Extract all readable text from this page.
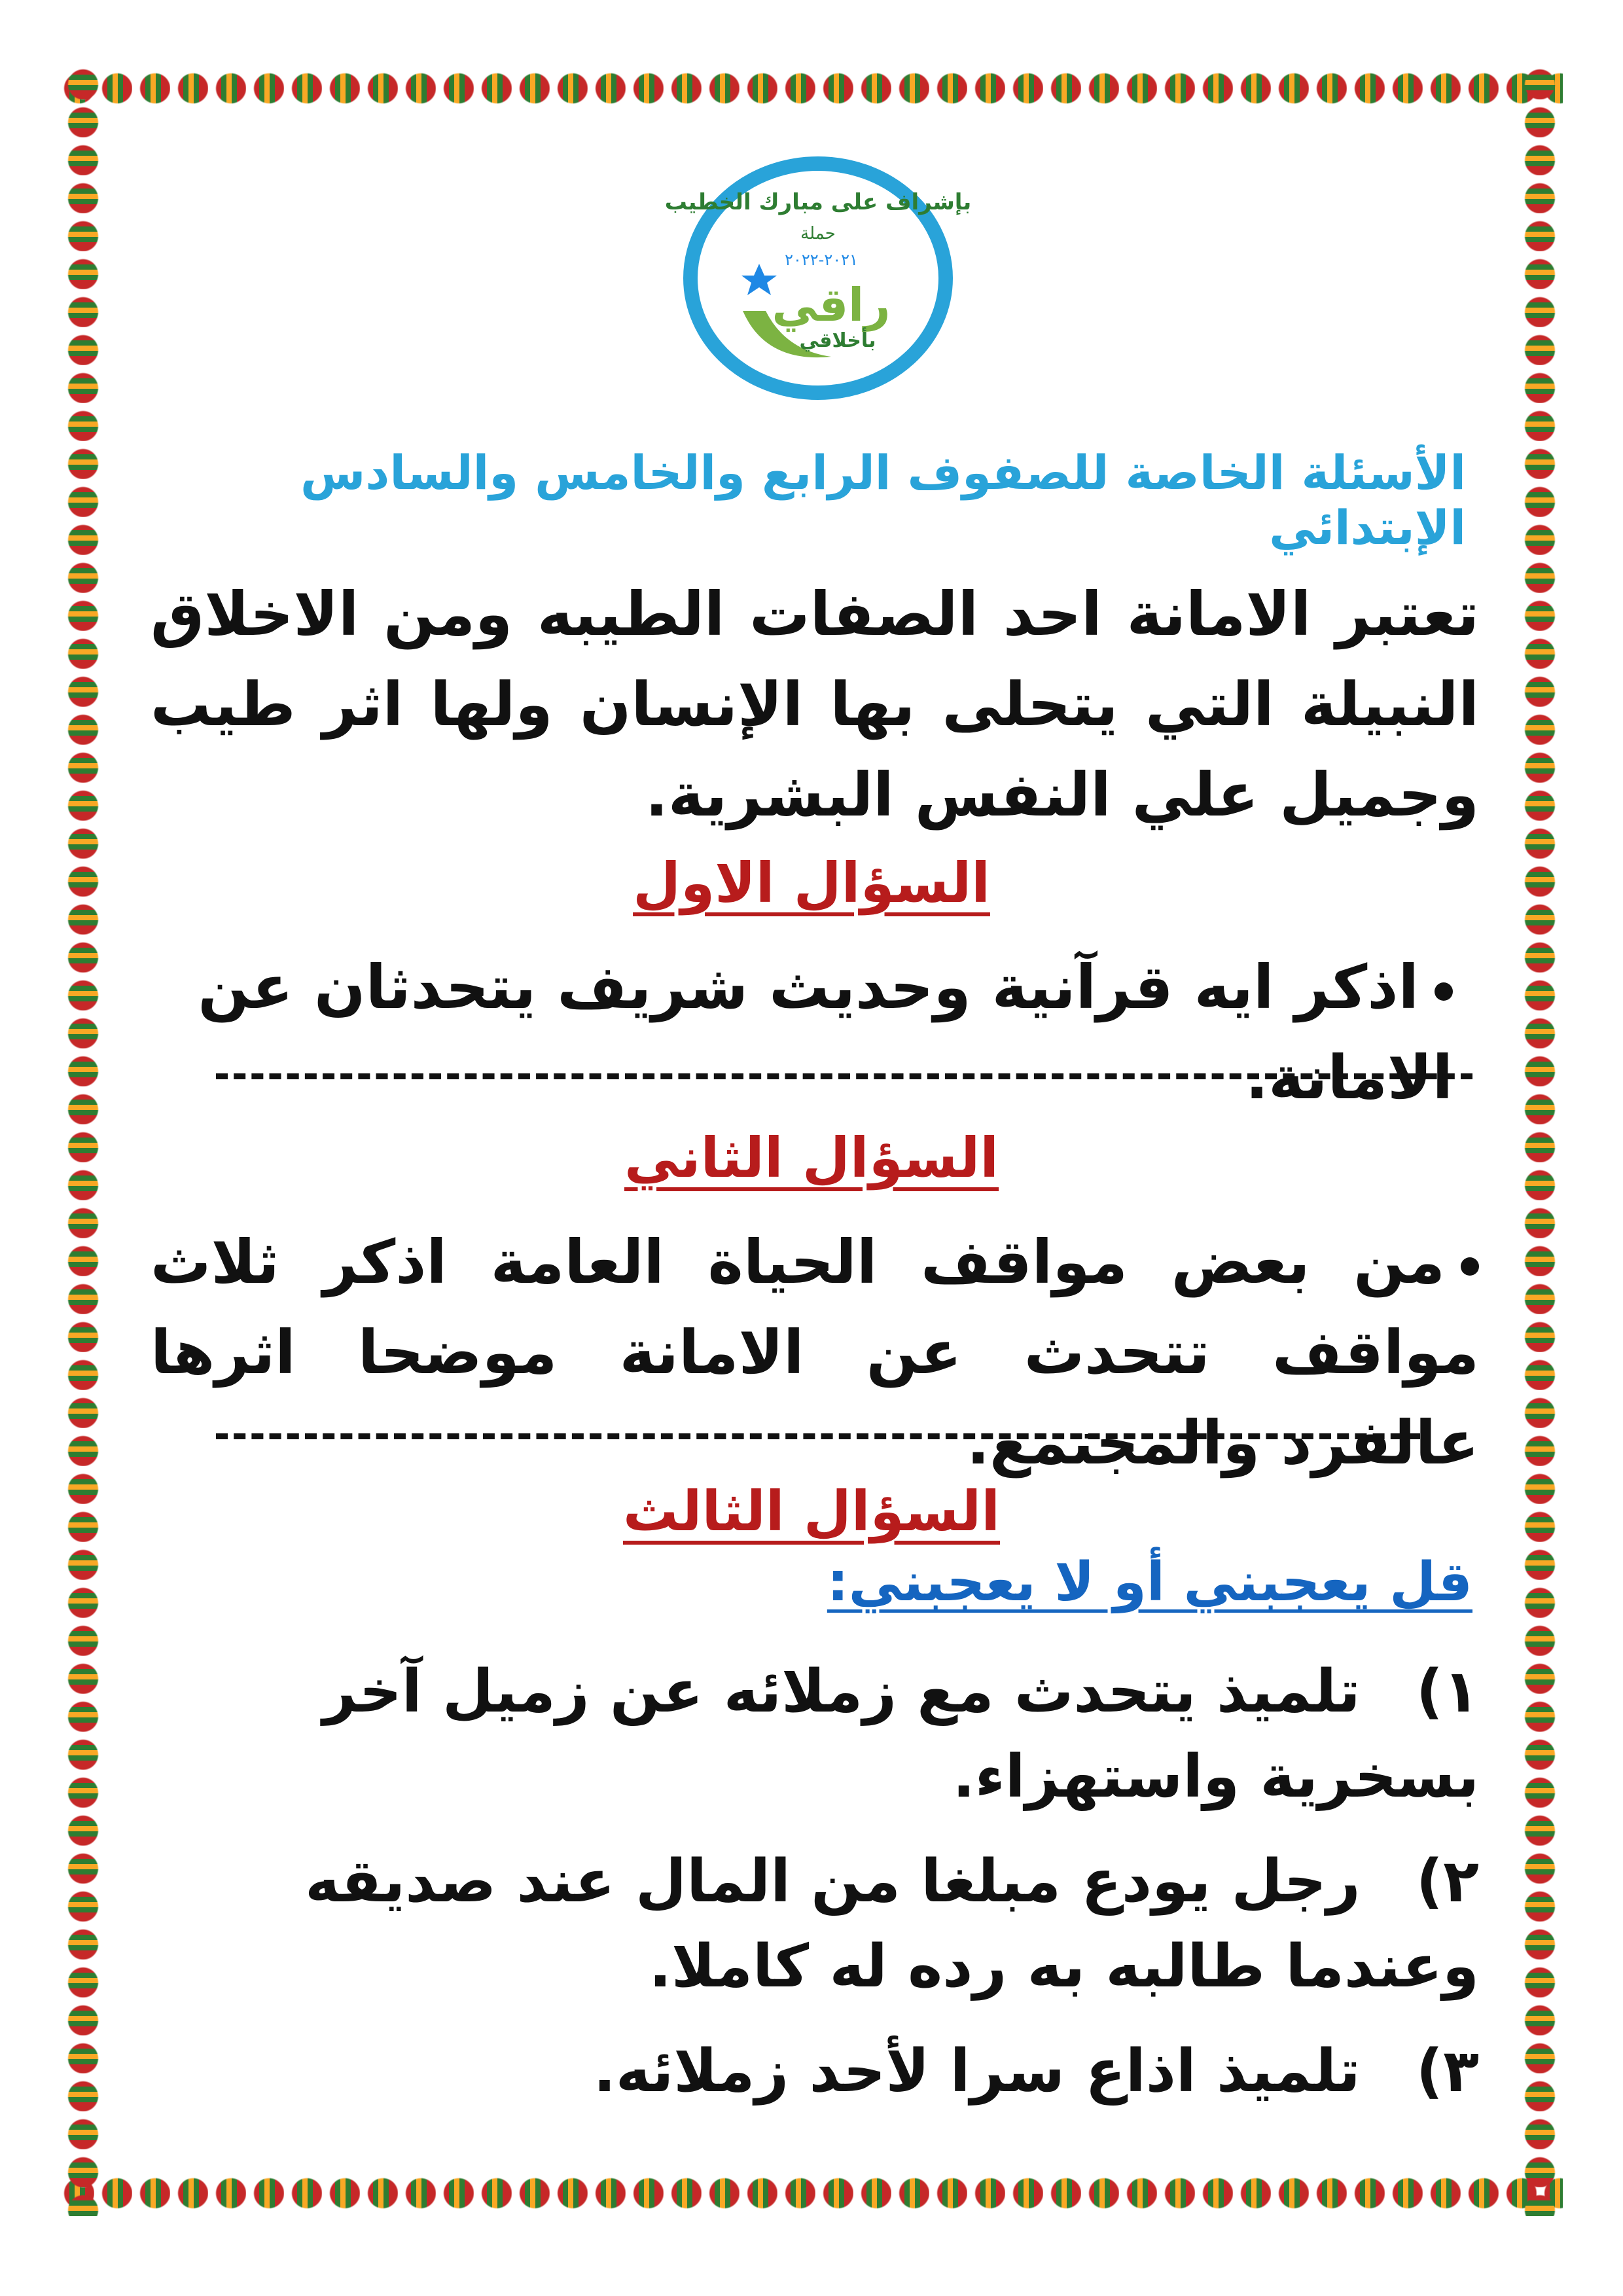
بإشراف على مبارك الخطيب
حملة
٢٠٢١-٢٠٢٢
راقي
بأخلاقي
الأسئلة الخاصة للصفوف الرابع والخامس والسادس الإبتدائي
تعتبر الامانة احد الصفات الطيبه ومن الاخلاق النبيلة التي يتحلى بها الإنسان ولها اثر طيب وجميل علي النفس البشرية.
السؤال الاول
اذكر ايه قرآنية وحديث شريف يتحدثان عن الامانة.
السؤال الثاني
من بعض مواقف الحياة العامة اذكر ثلاث مواقف تتحدث عن الامانة موضحا اثرها عالفرد والمجتمع.
السؤال الثالث
قل يعجبني أو لا يعجبني:
١) تلميذ يتحدث مع زملائه عن زميل آخر بسخرية واستهزاء.
٢) رجل يودع مبلغا من المال عند صديقه وعندما طالبه به رده له كاملا.
٣) تلميذ اذاع سرا لأحد زملائه.
